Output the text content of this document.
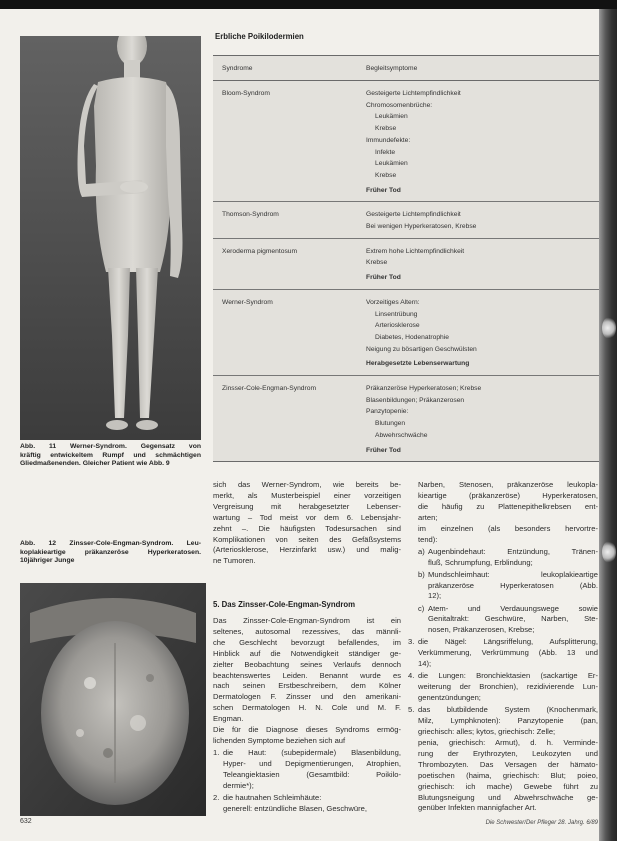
Abb. 11 Werner-Syndrom. Gegensatz von
kräftig entwickeltem Rumpf und schmächtigen
Gliedmaßenenden. Gleicher Patient wie Abb. 9
Abb. 12 Zinsser-Cole-Engman-Syndrom. Leu-
koplakieartige präkanzeröse Hyperkeratosen.
10jähriger Junge
Erbliche Poikilodermien
Syndrome	Begleitsymptome
Bloom-Syndrom	Gesteigerte Lichtempfindlichkeit
Chromosomenbrüche:
Leukämien
Krebse
Immundefekte:
Infekte
Leukämien
Krebse
Früher Tod
Thomson-Syndrom	Gesteigerte Lichtempfindlichkeit
Bei wenigen Hyperkeratosen, Krebse
Xeroderma pigmentosum	Extrem hohe Lichtempfindlichkeit
Krebse
Früher Tod
Werner-Syndrom	Vorzeitiges Altern:
Linsentrübung
Arteriosklerose
Diabetes, Hodenatrophie
Neigung zu bösartigen Geschwülsten
Herabgesetzte Lebenserwartung
Zinsser-Cole-Engman-Syndrom	Präkanzeröse Hyperkeratosen; Krebse
Blasenbildungen; Präkanzerosen
Panzytopenie:
Blutungen
Abwehrschwäche
Früher Tod
sich das Werner-Syndrom, wie bereits be-
merkt, als Musterbeispiel einer vorzeitigen
Vergreisung mit herabgesetzter Lebenser-
wartung – Tod meist vor dem 6. Lebensjahr-
zehnt –. Die häufigsten Todesursachen sind
Komplikationen von seiten des Gefäßsystems
(Arteriosklerose, Herzinfarkt usw.) und malig-
ne Tumoren.
5. Das Zinsser-Cole-Engman-Syndrom
Das Zinsser-Cole-Engman-Syndrom ist ein
seltenes, autosomal rezessives, das männli-
che Geschlecht bevorzugt befallendes, im
Hinblick auf die Notwendigkeit ständiger ge-
zielter Beobachtung seines Verlaufs dennoch
beachtenswertes Leiden. Benannt wurde es
nach seinen Erstbeschreibern, dem Kölner
Dermatologen F. Zinsser und den amerikani-
schen Dermatologen H. N. Cole und M. F.
Engman.
Die für die Diagnose dieses Syndroms ermög-
lichenden Symptome beziehen sich auf
1. die Haut: (subepidermale) Blasenbildung,
Hyper- und Depigmentierungen, Atrophien,
Teleangiektasien (Gesamtbild: Poikilo-
dermie*);
2. die hautnahen Schleimhäute:
generell: entzündliche Blasen, Geschwüre,
Narben, Stenosen, präkanzeröse leukopla-
kieartige (präkanzeröse) Hyperkeratosen,
die häufig zu Plattenepithelkrebsen ent-
arten;
im einzelnen (als besonders hervortre-
tend):
a) Augenbindehaut: Entzündung, Tränen-
fluß, Schrumpfung, Erblindung;
b) Mundschleimhaut: leukoplakieartige
präkanzeröse Hyperkeratosen (Abb.
12);
c) Atem- und Verdauungswege sowie
Genitaltrakt: Geschwüre, Narben, Ste-
nosen, Präkanzerosen, Krebse;
3. die Nägel: Längsriffelung, Aufsplitterung,
Verkümmerung, Verkrümmung (Abb. 13 und
14);
4. die Lungen: Bronchiektasien (sackartige Er-
weiterung der Bronchien), rezidivierende Lun-
genentzündungen;
5. das blutbildende System (Knochenmark,
Milz, Lymphknoten): Panzytopenie (pan,
griechisch: alles; kytos, griechisch: Zelle;
penia, griechisch: Armut), d. h. Verminde-
rung der Erythrozyten, Leukozyten und
Thrombozyten. Das Versagen der hämato-
poetischen (haima, griechisch: Blut; poieo,
griechisch: ich mache) Gewebe führt zu
Blutungsneigung und Abwehrschwäche ge-
genüber Infekten mannigfacher Art.
632	Die Schwester/Der Pfleger 28. Jahrg. 6/89
